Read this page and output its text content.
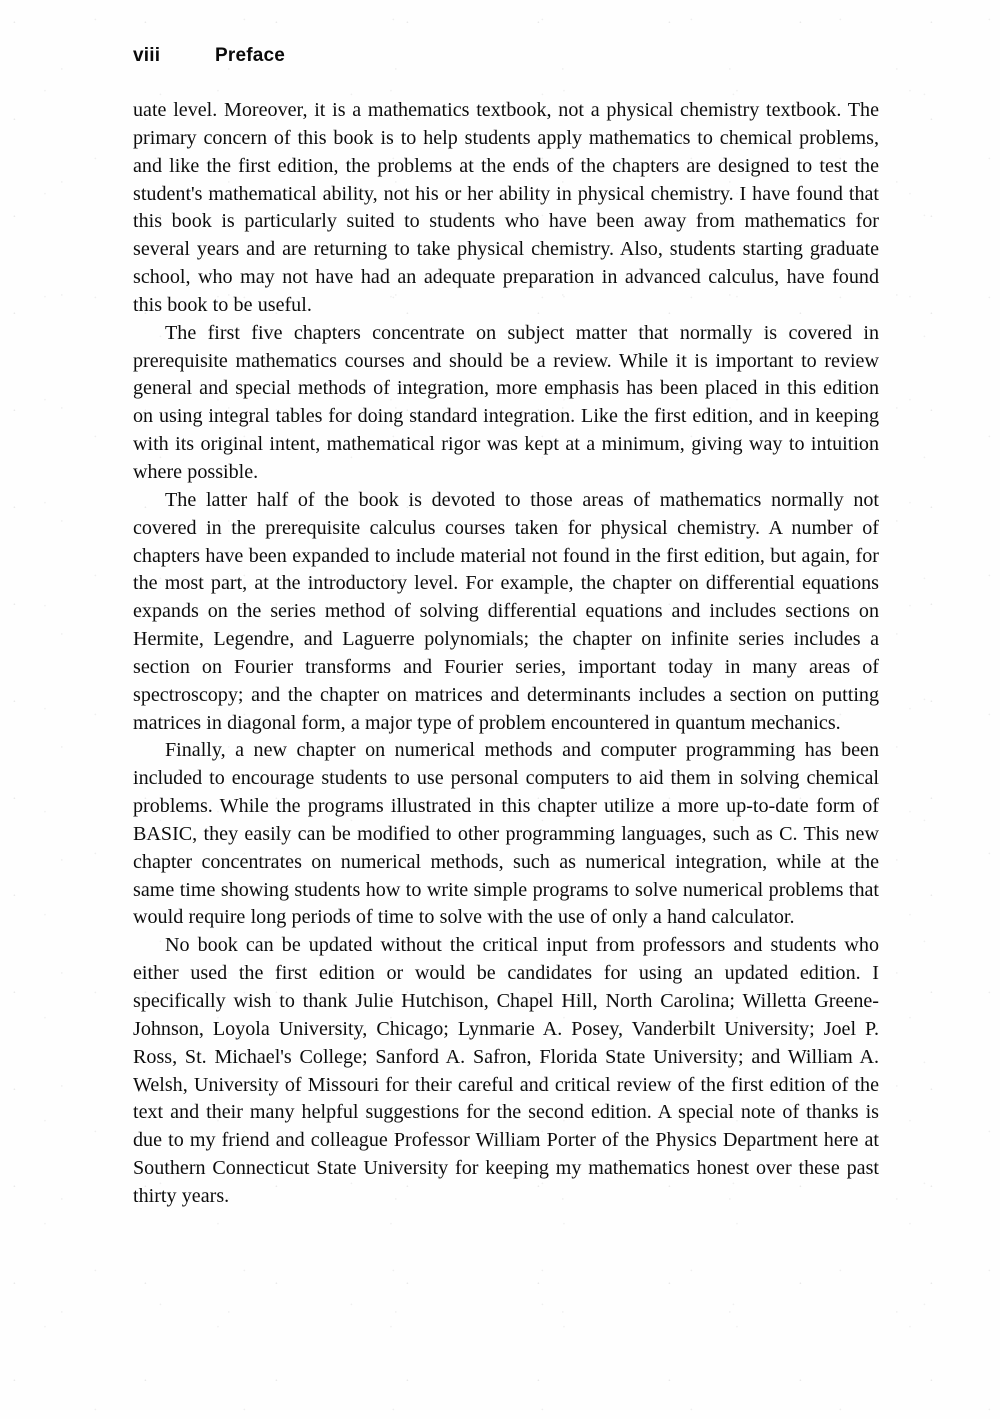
viii	Preface

uate level. Moreover, it is a mathematics textbook, not a physical chemistry textbook. The primary concern of this book is to help students apply mathematics to chemical problems, and like the first edition, the problems at the ends of the chapters are designed to test the student's mathematical ability, not his or her ability in physical chemistry. I have found that this book is particularly suited to students who have been away from mathematics for several years and are returning to take physical chemistry. Also, students starting graduate school, who may not have had an adequate preparation in advanced calculus, have found this book to be useful.

The first five chapters concentrate on subject matter that normally is covered in prerequisite mathematics courses and should be a review. While it is important to review general and special methods of integration, more emphasis has been placed in this edition on using integral tables for doing standard integration. Like the first edition, and in keeping with its original intent, mathematical rigor was kept at a minimum, giving way to intuition where possible.

The latter half of the book is devoted to those areas of mathematics normally not covered in the prerequisite calculus courses taken for physical chemistry. A number of chapters have been expanded to include material not found in the first edition, but again, for the most part, at the introductory level. For example, the chapter on differential equations expands on the series method of solving differential equations and includes sections on Hermite, Legendre, and Laguerre polynomials; the chapter on infinite series includes a section on Fourier transforms and Fourier series, important today in many areas of spectroscopy; and the chapter on matrices and determinants includes a section on putting matrices in diagonal form, a major type of problem encountered in quantum mechanics.

Finally, a new chapter on numerical methods and computer programming has been included to encourage students to use personal computers to aid them in solving chemical problems. While the programs illustrated in this chapter utilize a more up-to-date form of BASIC, they easily can be modified to other programming languages, such as C. This new chapter concentrates on numerical methods, such as numerical integration, while at the same time showing students how to write simple programs to solve numerical problems that would require long periods of time to solve with the use of only a hand calculator.

No book can be updated without the critical input from professors and students who either used the first edition or would be candidates for using an updated edition. I specifically wish to thank Julie Hutchison, Chapel Hill, North Carolina; Willetta Greene-Johnson, Loyola University, Chicago; Lynmarie A. Posey, Vanderbilt University; Joel P. Ross, St. Michael's College; Sanford A. Safron, Florida State University; and William A. Welsh, University of Missouri for their careful and critical review of the first edition of the text and their many helpful suggestions for the second edition. A special note of thanks is due to my friend and colleague Professor William Porter of the Physics Department here at Southern Connecticut State University for keeping my mathematics honest over these past thirty years.
